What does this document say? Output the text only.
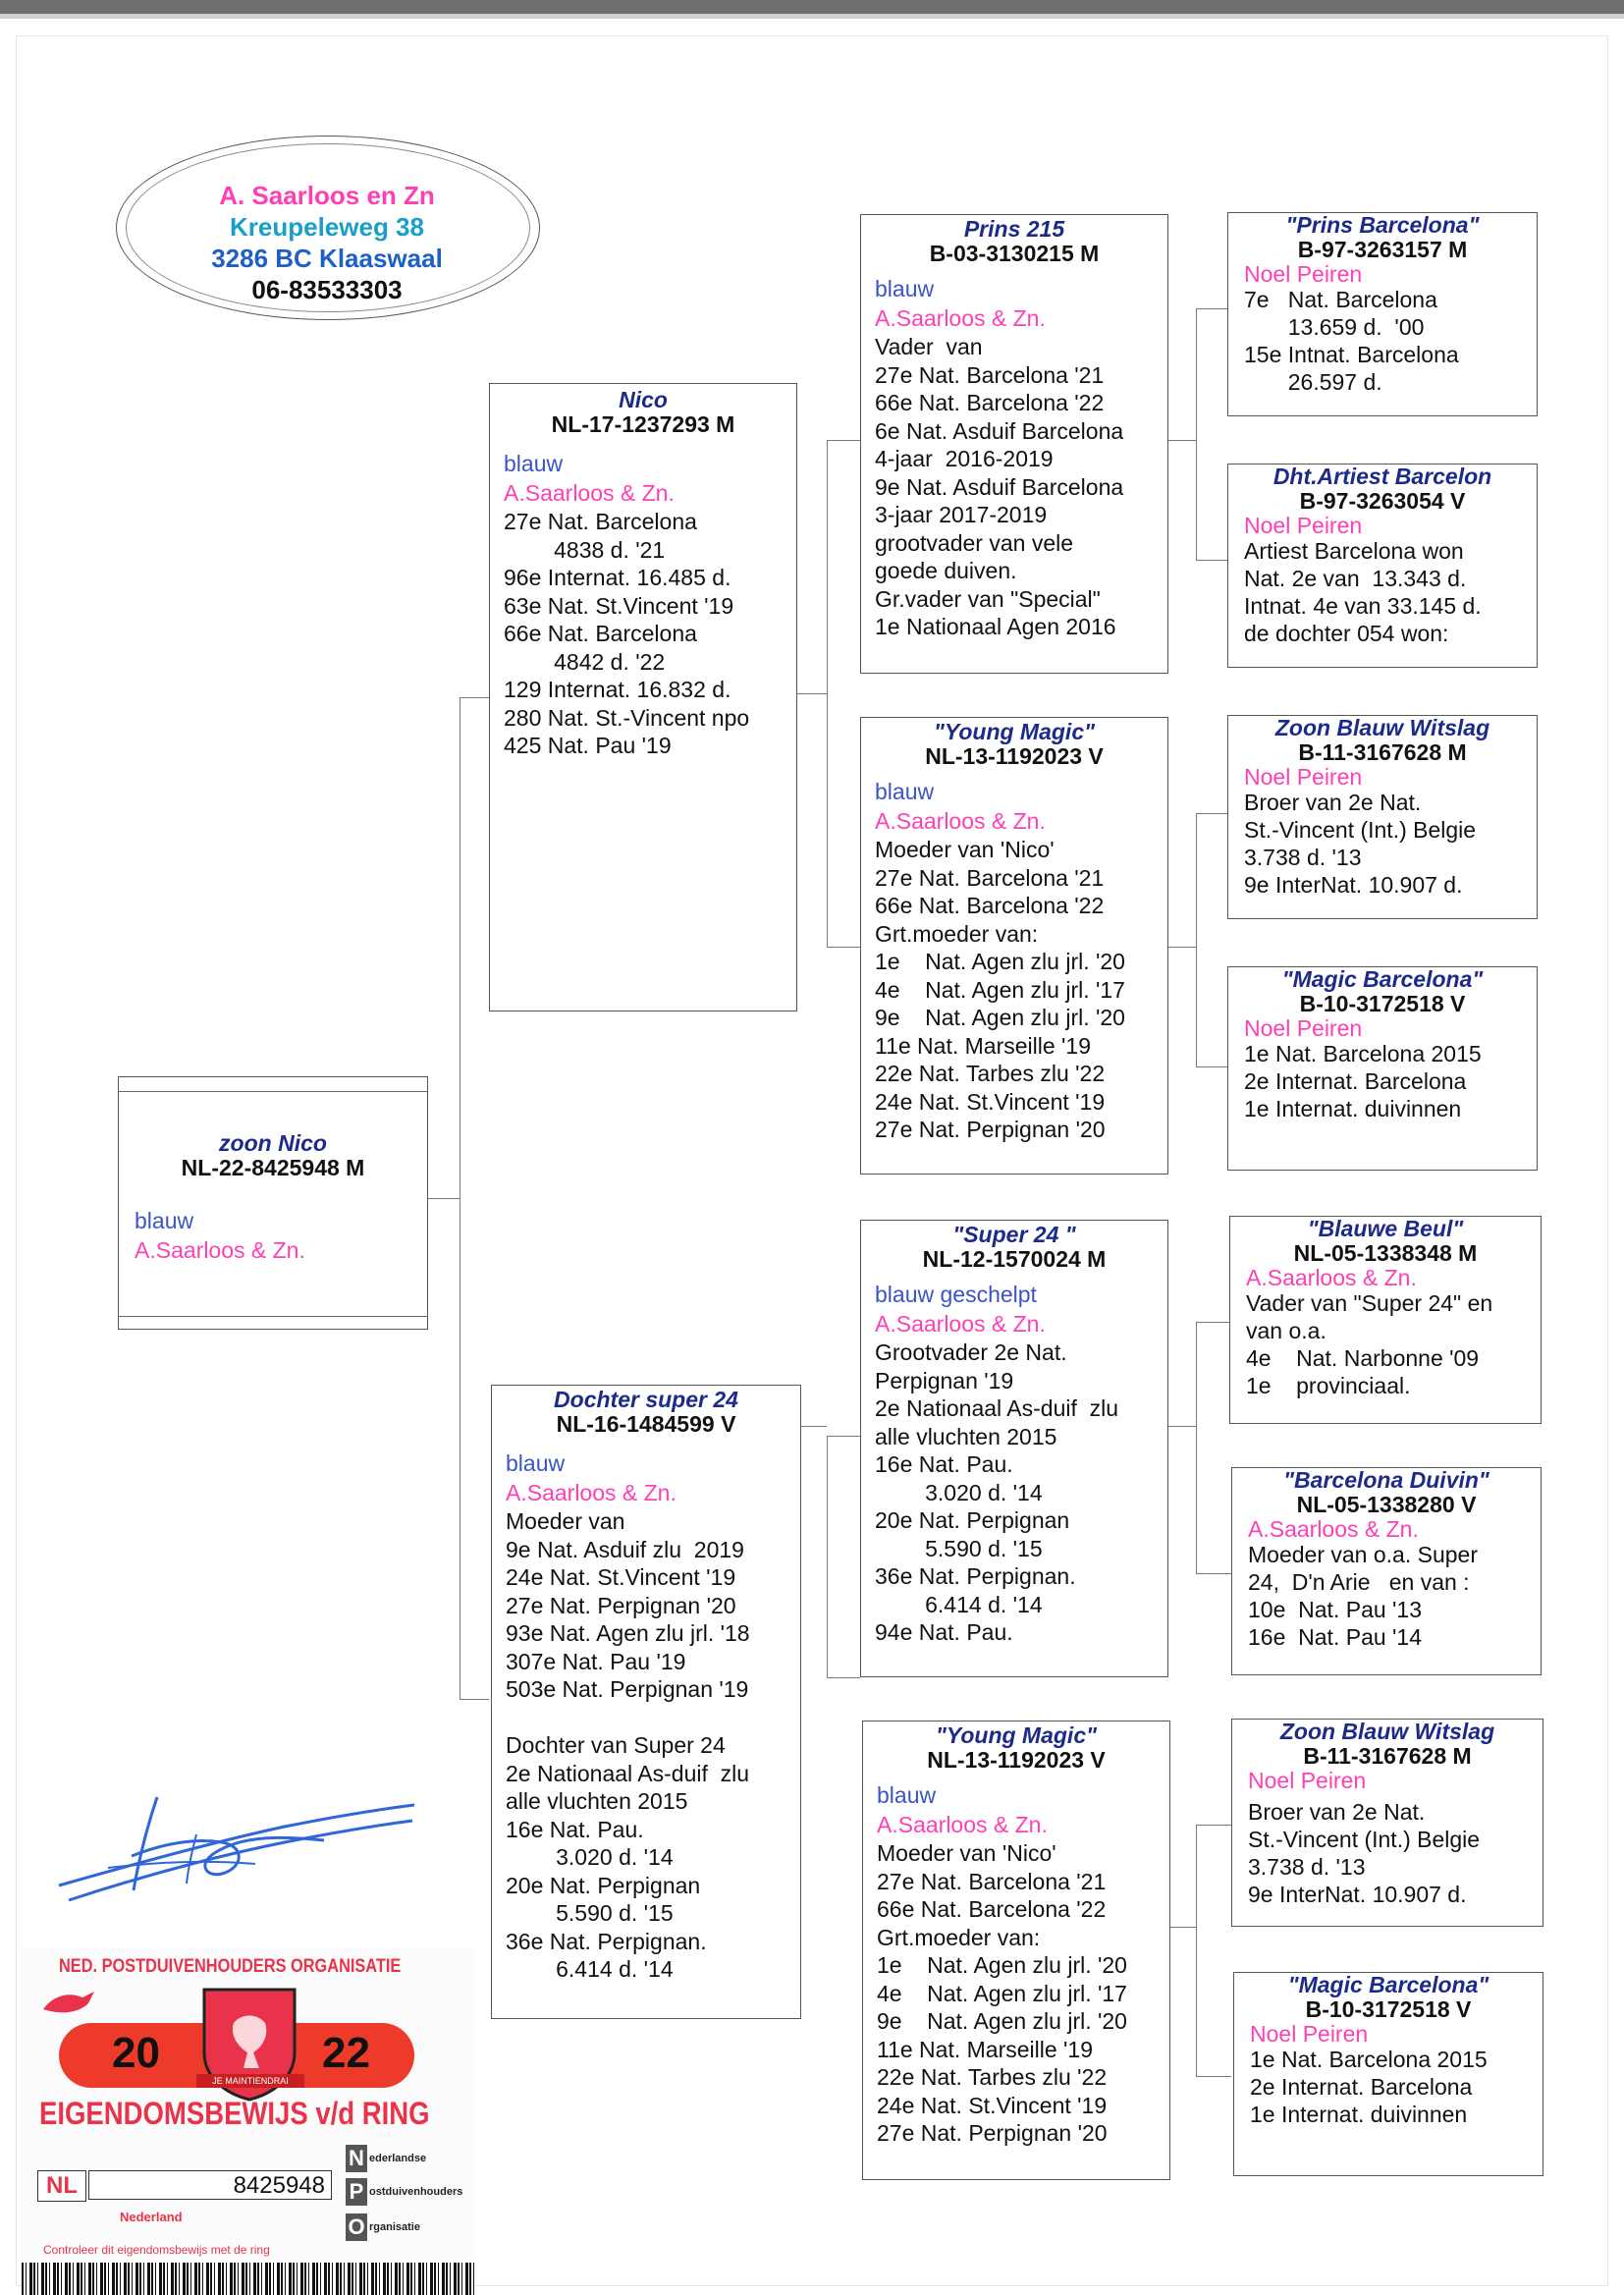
A. Saarloos en Zn
Kreupeleweg 38
3286 BC Klaaswaal
06-83533303
zoon Nico
NL-22-8425948 M
blauw
A.Saarloos & Zn.
Nico
NL-17-1237293 M
blauw
A.Saarloos & Zn.
27e Nat. Barcelona
4838 d. '21
96e Internat. 16.485 d.
63e Nat. St.Vincent '19
66e Nat. Barcelona
4842 d. '22
129 Internat. 16.832 d.
280 Nat. St.-Vincent npo
425 Nat. Pau '19
Dochter super 24
NL-16-1484599 V
blauw
A.Saarloos & Zn.
Moeder van
9e Nat. Asduif zlu  2019
24e Nat. St.Vincent '19
27e Nat. Perpignan '20
93e Nat. Agen zlu jrl. '18
307e Nat. Pau '19
503e Nat. Perpignan '19

Dochter van Super 24
2e Nationaal As-duif  zlu
alle vluchten 2015
16e Nat. Pau.
3.020 d. '14
20e Nat. Perpignan
5.590 d. '15
36e Nat. Perpignan.
6.414 d. '14
Prins 215
B-03-3130215 M
blauw
A.Saarloos & Zn.
Vader  van
27e Nat. Barcelona '21
66e Nat. Barcelona '22
6e Nat. Asduif Barcelona
4-jaar  2016-2019
9e Nat. Asduif Barcelona
3-jaar 2017-2019
grootvader van vele
goede duiven.
Gr.vader van "Special"
1e Nationaal Agen 2016
"Young Magic"
NL-13-1192023 V
blauw
A.Saarloos & Zn.
Moeder van 'Nico'
27e Nat. Barcelona '21
66e Nat. Barcelona '22
Grt.moeder van:
1e    Nat. Agen zlu jrl. '20
4e    Nat. Agen zlu jrl. '17
9e    Nat. Agen zlu jrl. '20
11e Nat. Marseille '19
22e Nat. Tarbes zlu '22
24e Nat. St.Vincent '19
27e Nat. Perpignan '20
"Super 24 "
NL-12-1570024 M
blauw geschelpt
A.Saarloos & Zn.
Grootvader 2e Nat.
Perpignan '19
2e Nationaal As-duif  zlu
alle vluchten 2015
16e Nat. Pau.
3.020 d. '14
20e Nat. Perpignan
5.590 d. '15
36e Nat. Perpignan.
6.414 d. '14
94e Nat. Pau.
"Young Magic"
NL-13-1192023 V
blauw
A.Saarloos & Zn.
Moeder van 'Nico'
27e Nat. Barcelona '21
66e Nat. Barcelona '22
Grt.moeder van:
1e    Nat. Agen zlu jrl. '20
4e    Nat. Agen zlu jrl. '17
9e    Nat. Agen zlu jrl. '20
11e Nat. Marseille '19
22e Nat. Tarbes zlu '22
24e Nat. St.Vincent '19
27e Nat. Perpignan '20
"Prins Barcelona"
B-97-3263157 M
Noel Peiren
7e   Nat. Barcelona
13.659 d.  '00
15e Intnat. Barcelona
26.597 d.
Dht.Artiest Barcelon
B-97-3263054 V
Noel Peiren
Artiest Barcelona won
Nat. 2e van  13.343 d.
Intnat. 4e van 33.145 d.
de dochter 054 won:
Zoon Blauw Witslag
B-11-3167628 M
Noel Peiren
Broer van 2e Nat.
St.-Vincent (Int.) Belgie
3.738 d. '13
9e InterNat. 10.907 d.
"Magic Barcelona"
B-10-3172518 V
Noel Peiren
1e Nat. Barcelona 2015
2e Internat. Barcelona
1e Internat. duivinnen
"Blauwe Beul"
NL-05-1338348 M
A.Saarloos & Zn.
Vader van "Super 24" en
van o.a.
4e    Nat. Narbonne '09
1e    provinciaal.
"Barcelona Duivin"
NL-05-1338280 V
A.Saarloos & Zn.
Moeder van o.a. Super
24,  D'n Arie   en van :
10e  Nat. Pau '13
16e  Nat. Pau '14
Zoon Blauw Witslag
B-11-3167628 M
Noel Peiren
Broer van 2e Nat.
St.-Vincent (Int.) Belgie
3.738 d. '13
9e InterNat. 10.907 d.
"Magic Barcelona"
B-10-3172518 V
Noel Peiren
1e Nat. Barcelona 2015
2e Internat. Barcelona
1e Internat. duivinnen
NED. POSTDUIVENHOUDERS ORGANISATIE
20	22
JE MAINTIENDRAI
EIGENDOMSBEWIJS v/d RING
NL	8425948
Nederland
N ederlandse
P ostduivenhouders
O rganisatie
Controleer dit eigendomsbewijs met de ring
